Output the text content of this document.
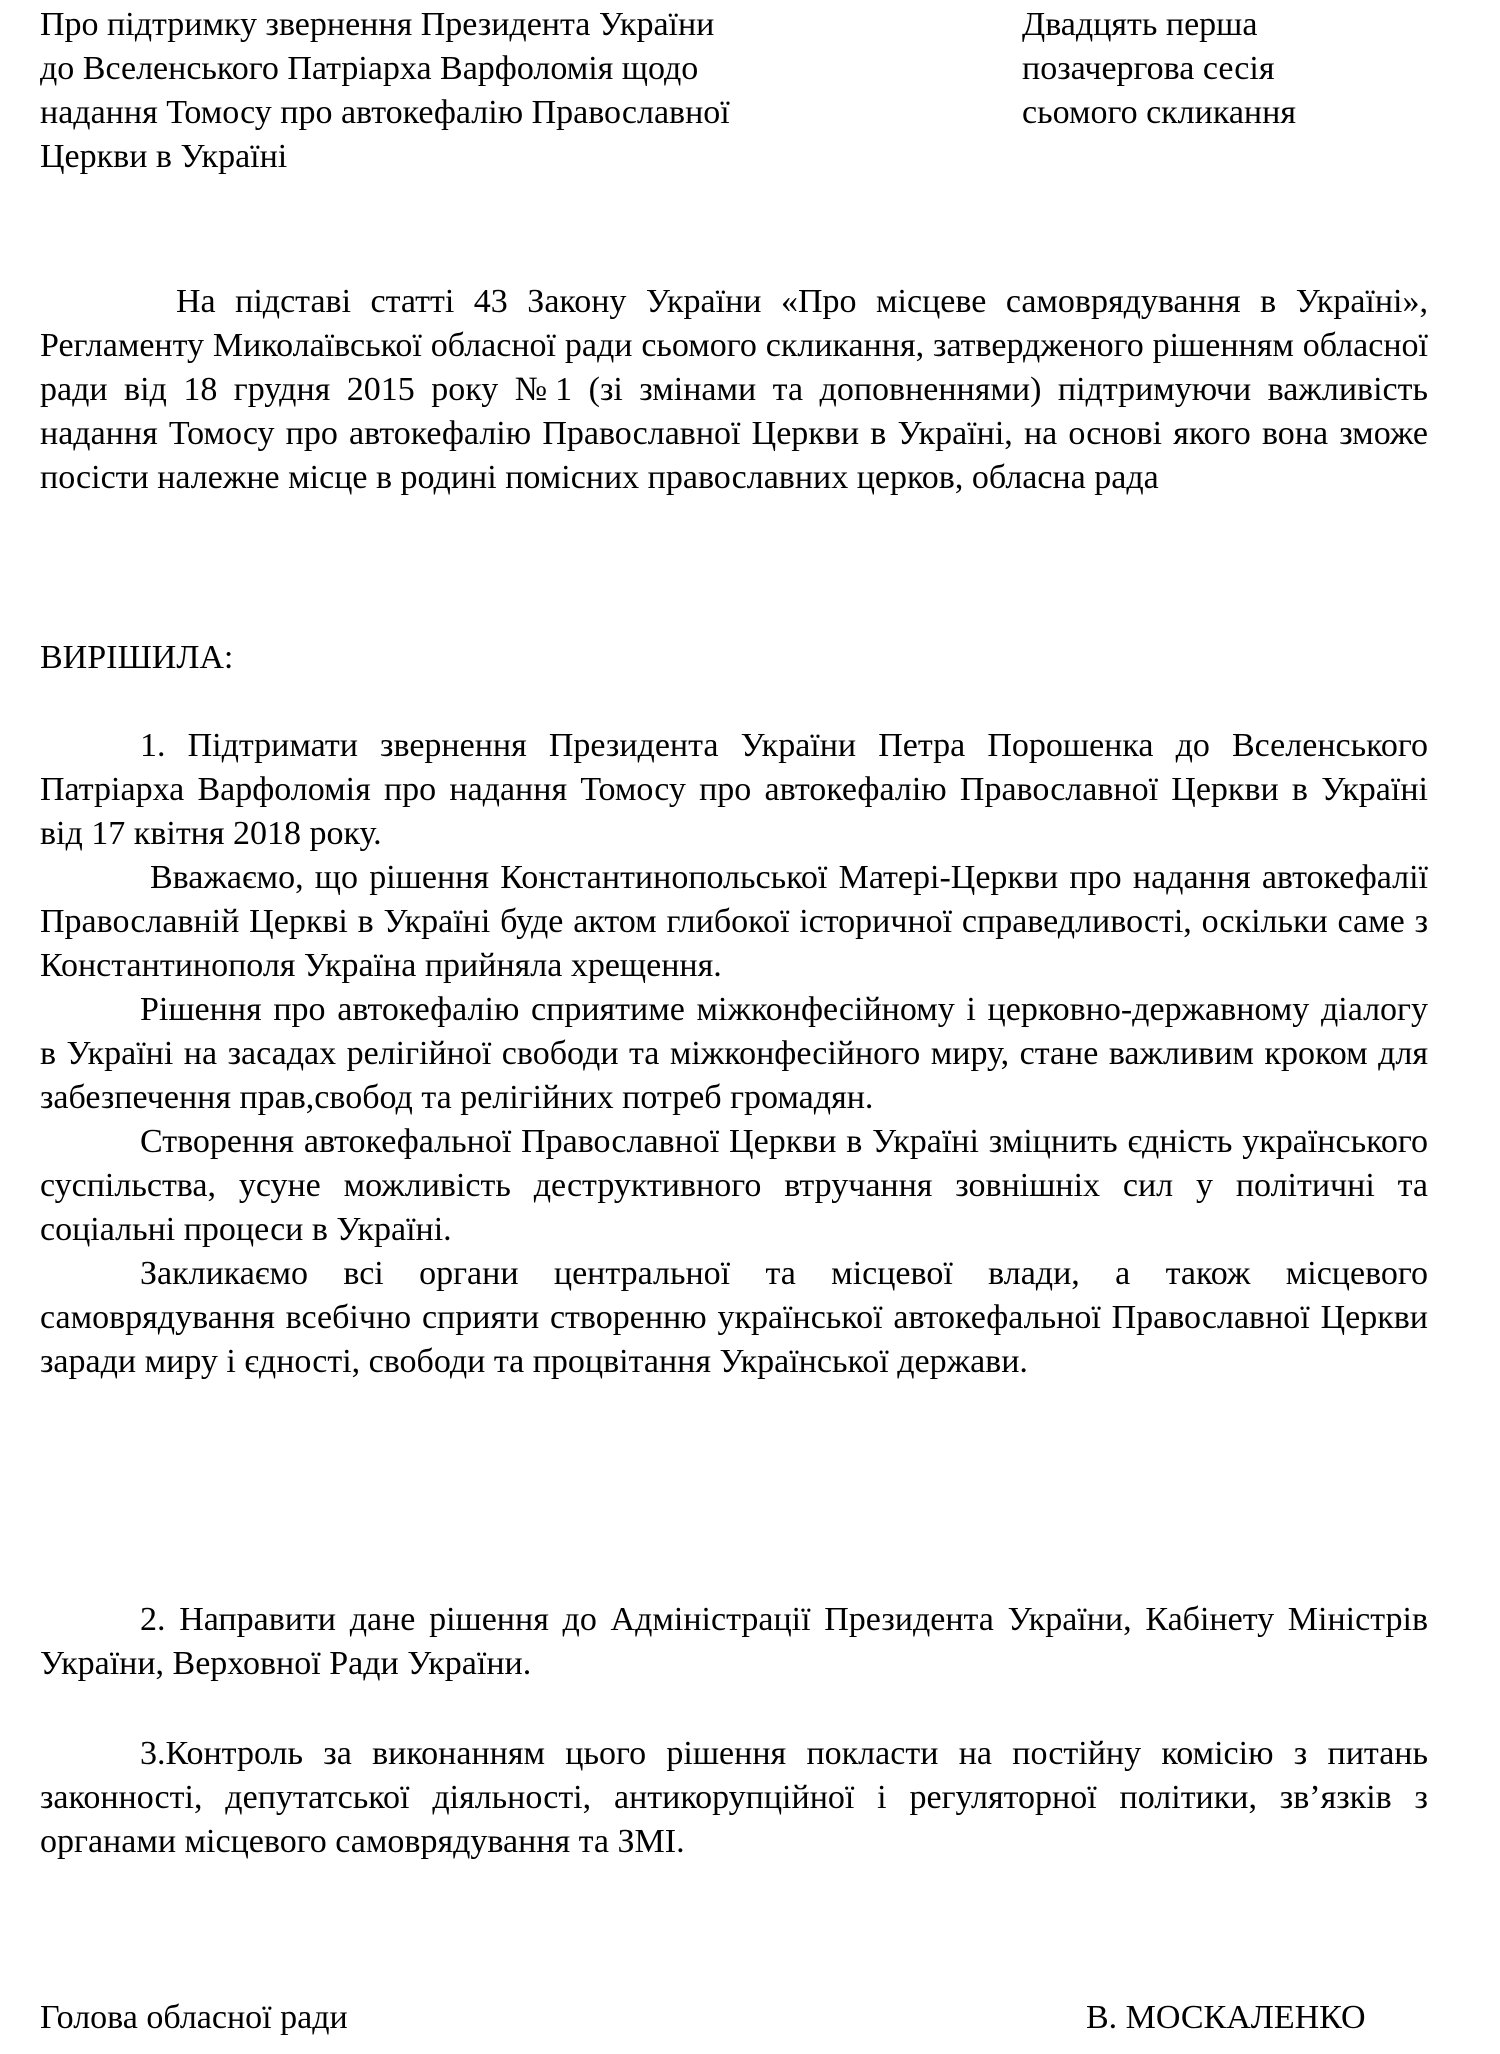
Про підтримку звернення Президента України
до Вселенського Патріарха Варфоломія щодо
надання Томосу про автокефалію Православної
Церкви в Україні
Двадцять перша
позачергова сесія
сьомого скликання

На підставі статті 43 Закону України «Про місцеве самоврядування в Україні», Регламенту Миколаївської обласної ради сьомого скликання, затвердженого рішенням обласної ради від 18 грудня 2015 року №1 (зі змінами та доповненнями) підтримуючи важливість надання Томосу про автокефалію Православної Церкви в Україні, на основі якого вона зможе посісти належне місце в родині помісних православних церков, обласна рада

ВИРІШИЛА:

1. Підтримати звернення Президента України Петра Порошенка до Вселенського Патріарха Варфоломія про надання Томосу про автокефалію Православної Церкви в Україні від 17 квітня 2018 року.

Вважаємо, що рішення Константинопольської Матері-Церкви про надання автокефалії Православній Церкві в Україні буде актом глибокої історичної справедливості, оскільки саме з Константинополя Україна прийняла хрещення.

Рішення про автокефалію сприятиме міжконфесійному і церковно-державному діалогу в Україні на засадах релігійної свободи та міжконфесійного миру, стане важливим кроком для забезпечення прав,свобод та релігійних потреб громадян.

Створення автокефальної Православної Церкви в Україні зміцнить єдність українського суспільства, усуне можливість деструктивного втручання зовнішніх сил у політичні та соціальні процеси в Україні.

Закликаємо всі органи центральної та місцевої влади, а також місцевого самоврядування всебічно сприяти створенню української автокефальної Православної Церкви заради миру і єдності, свободи та процвітання Української держави.

2. Направити дане рішення до Адміністрації Президента України, Кабінету Міністрів України, Верховної Ради України.

3.Контроль за виконанням цього рішення покласти на постійну комісію з питань законності, депутатської діяльності, антикорупційної і регуляторної політики, зв’язків з органами місцевого самоврядування та ЗМІ.

Голова обласної ради	В. МОСКАЛЕНКО
